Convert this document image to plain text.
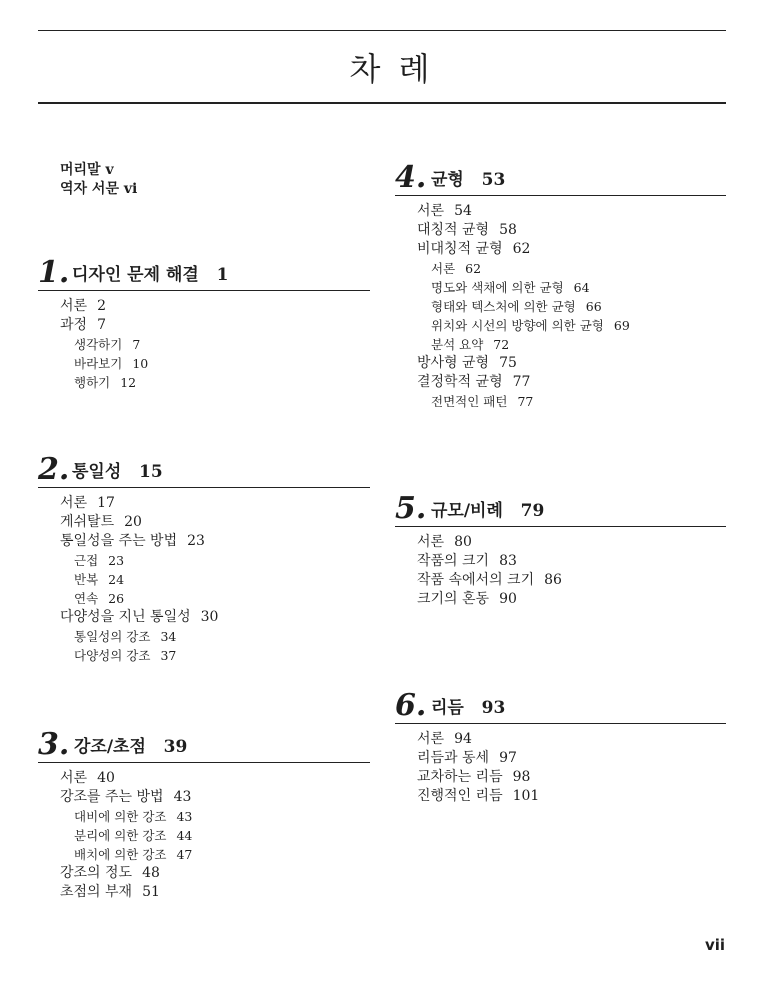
차 례
머리말 v
역자 서문 vi
1. 디자인 문제 해결 1
서론 2
과정 7
생각하기 7
바라보기 10
행하기 12
2. 통일성 15
서론 17
게쉬탈트 20
통일성을 주는 방법 23
근접 23
반복 24
연속 26
다양성을 지닌 통일성 30
통일성의 강조 34
다양성의 강조 37
3. 강조/초점 39
서론 40
강조를 주는 방법 43
대비에 의한 강조 43
분리에 의한 강조 44
배치에 의한 강조 47
강조의 정도 48
초점의 부재 51
4. 균형 53
서론 54
대칭적 균형 58
비대칭적 균형 62
서론 62
명도와 색채에 의한 균형 64
형태와 텍스처에 의한 균형 66
위치와 시선의 방향에 의한 균형 69
분석 요약 72
방사형 균형 75
결정학적 균형 77
전면적인 패턴 77
5. 규모/비례 79
서론 80
작품의 크기 83
작품 속에서의 크기 86
크기의 혼동 90
6. 리듬 93
서론 94
리듬과 동세 97
교차하는 리듬 98
진행적인 리듬 101
vii
